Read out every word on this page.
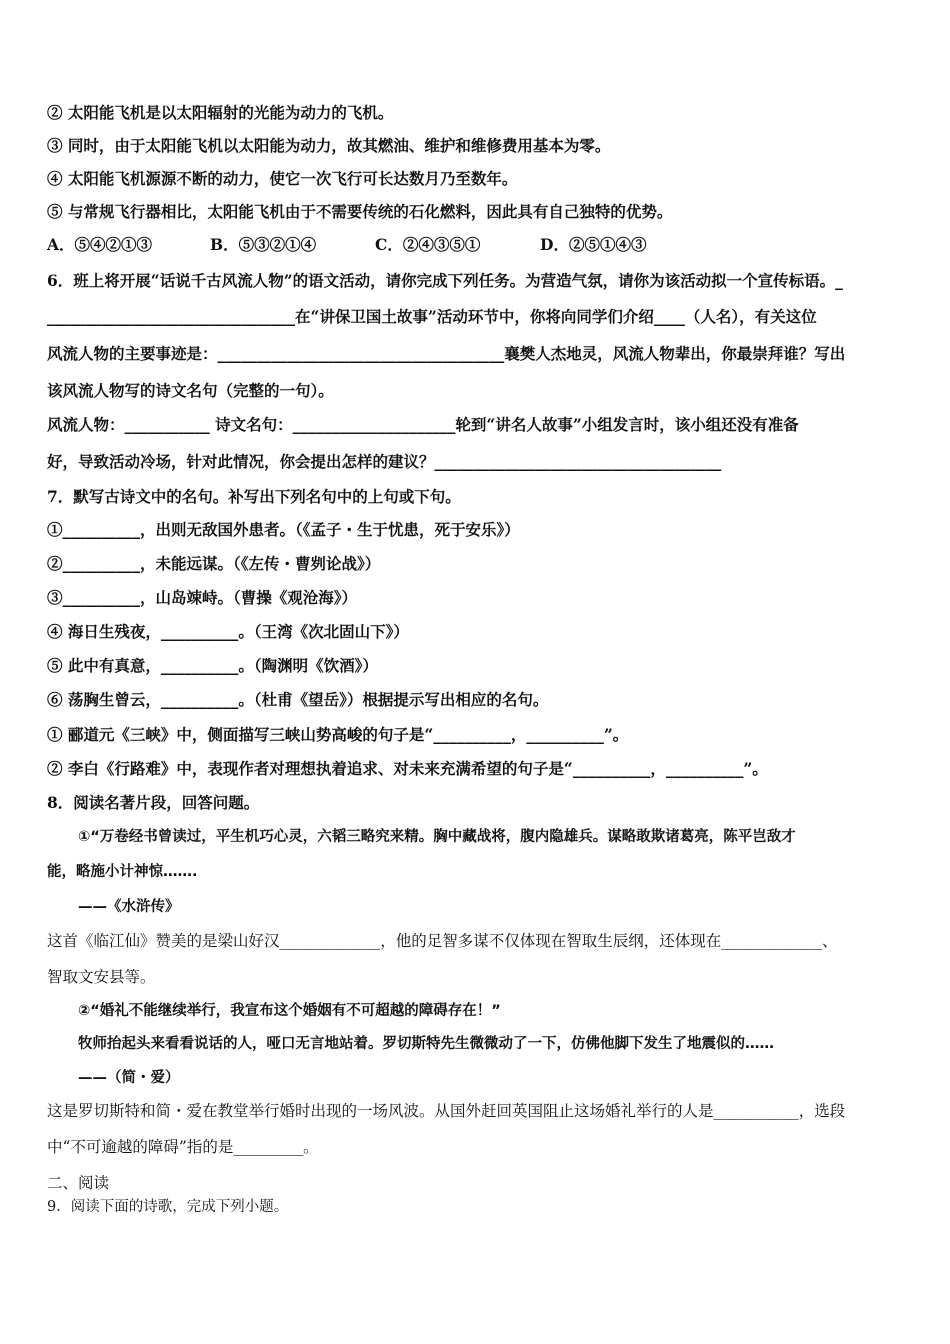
② 太阳能飞机是以太阳辐射的光能为动力的飞机。
③ 同时，由于太阳能飞机以太阳能为动力，故其燃油、维护和维修费用基本为零。
④ 太阳能飞机源源不断的动力，使它一次飞行可长达数月乃至数年。
⑤ 与常规飞行器相比，太阳能飞机由于不需要传统的石化燃料，因此具有自己独特的优势。
A．⑤④②①③	B．⑤③②①④	C．②④③⑤①	D．②⑤①④③
6．班上将开展“话说千古风流人物”的语文活动，请你完成下列任务。为营造气氛，请你为该活动拟一个宣传标语。_
________________________________在“讲保卫国土故事”活动环节中，你将向同学们介绍____（人名），有关这位
风流人物的主要事迹是：_____________________________________襄樊人杰地灵，风流人物辈出，你最崇拜谁？写出
该风流人物写的诗文名句（完整的一句）。
风流人物：___________ 诗文名句：_____________________轮到“讲名人故事”小组发言时，该小组还没有准备
好，导致活动冷场，针对此情况，你会提出怎样的建议？_____________________________________
7．默写古诗文中的名句。补写出下列名句中的上句或下句。
①__________，出则无敌国外患者。（《孟子・生于忧患，死于安乐》）
②__________，未能远谋。（《左传・曹刿论战》）
③__________，山岛竦峙。（曹操《观沧海》）
④ 海日生残夜，__________。（王湾《次北固山下》）
⑤ 此中有真意，__________。（陶渊明《饮酒》）
⑥ 荡胸生曾云，__________。（杜甫《望岳》）根据提示写出相应的名句。
① 郦道元《三峡》中，侧面描写三峡山势高峻的句子是“__________，__________”。
② 李白《行路难》中，表现作者对理想执着追求、对未来充满希望的句子是“__________，__________”。
8．阅读名著片段，回答问题。
①“万卷经书曾读过，平生机巧心灵，六韬三略究来精。胸中藏战将，腹内隐雄兵。谋略敢欺诸葛亮，陈平岂敌才
能，略施小计神惊…….
——《水浒传》
这首《临江仙》赞美的是梁山好汉_____________，他的足智多谋不仅体现在智取生辰纲，还体现在_____________、
智取文安县等。
②“婚礼不能继续举行，我宣布这个婚姻有不可超越的障碍存在！”
牧师抬起头来看看说话的人，哑口无言地站着。罗切斯特先生微微动了一下，仿佛他脚下发生了地震似的……
——（简・爱）
这是罗切斯特和简・爱在教堂举行婚时出现的一场风波。从国外赶回英国阻止这场婚礼举行的人是___________，选段
中“不可逾越的障碍”指的是_________。
二、阅读
9．阅读下面的诗歌，完成下列小题。
